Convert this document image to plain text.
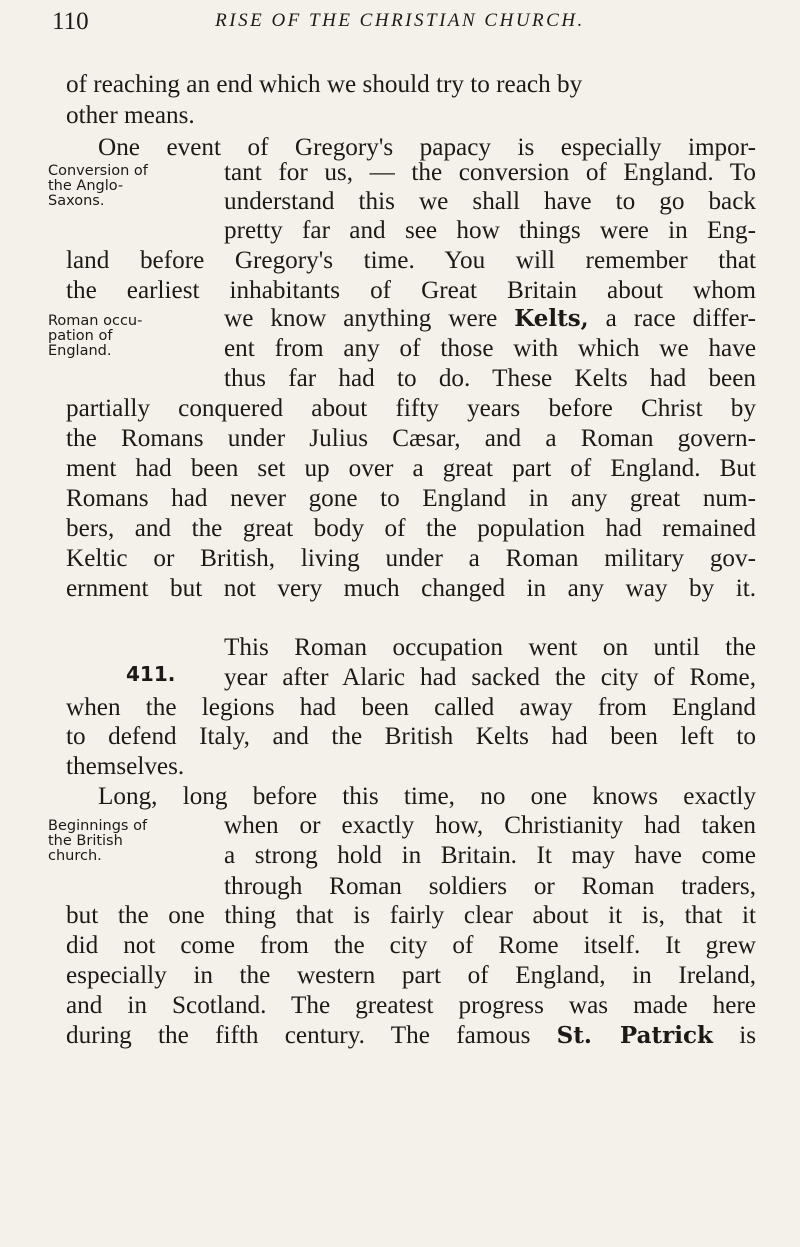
110	RISE OF THE CHRISTIAN CHURCH.
of reaching an end which we should try to reach by
other means.
One event of Gregory's papacy is especially impor-
Conversion of
the Anglo-
Saxons.
tant for us, — the conversion of England. To
understand this we shall have to go back
pretty far and see how things were in Eng-
land before Gregory's time. You will remember that
the earliest inhabitants of Great Britain about whom
Roman occu-
pation of
England.
we know anything were Kelts, a race differ-
ent from any of those with which we have
thus far had to do. These Kelts had been
partially conquered about fifty years before Christ by
the Romans under Julius Cæsar, and a Roman govern-
ment had been set up over a great part of England. But
Romans had never gone to England in any great num-
bers, and the great body of the population had remained
Keltic or British, living under a Roman military gov-
ernment but not very much changed in any way by it.
411.
This Roman occupation went on until the
year after Alaric had sacked the city of Rome,
when the legions had been called away from England
to defend Italy, and the British Kelts had been left to
themselves.
Long, long before this time, no one knows exactly
Beginnings of
the British
church.
when or exactly how, Christianity had taken
a strong hold in Britain. It may have come
through Roman soldiers or Roman traders,
but the one thing that is fairly clear about it is, that it
did not come from the city of Rome itself. It grew
especially in the western part of England, in Ireland,
and in Scotland. The greatest progress was made here
during the fifth century. The famous St. Patrick is
